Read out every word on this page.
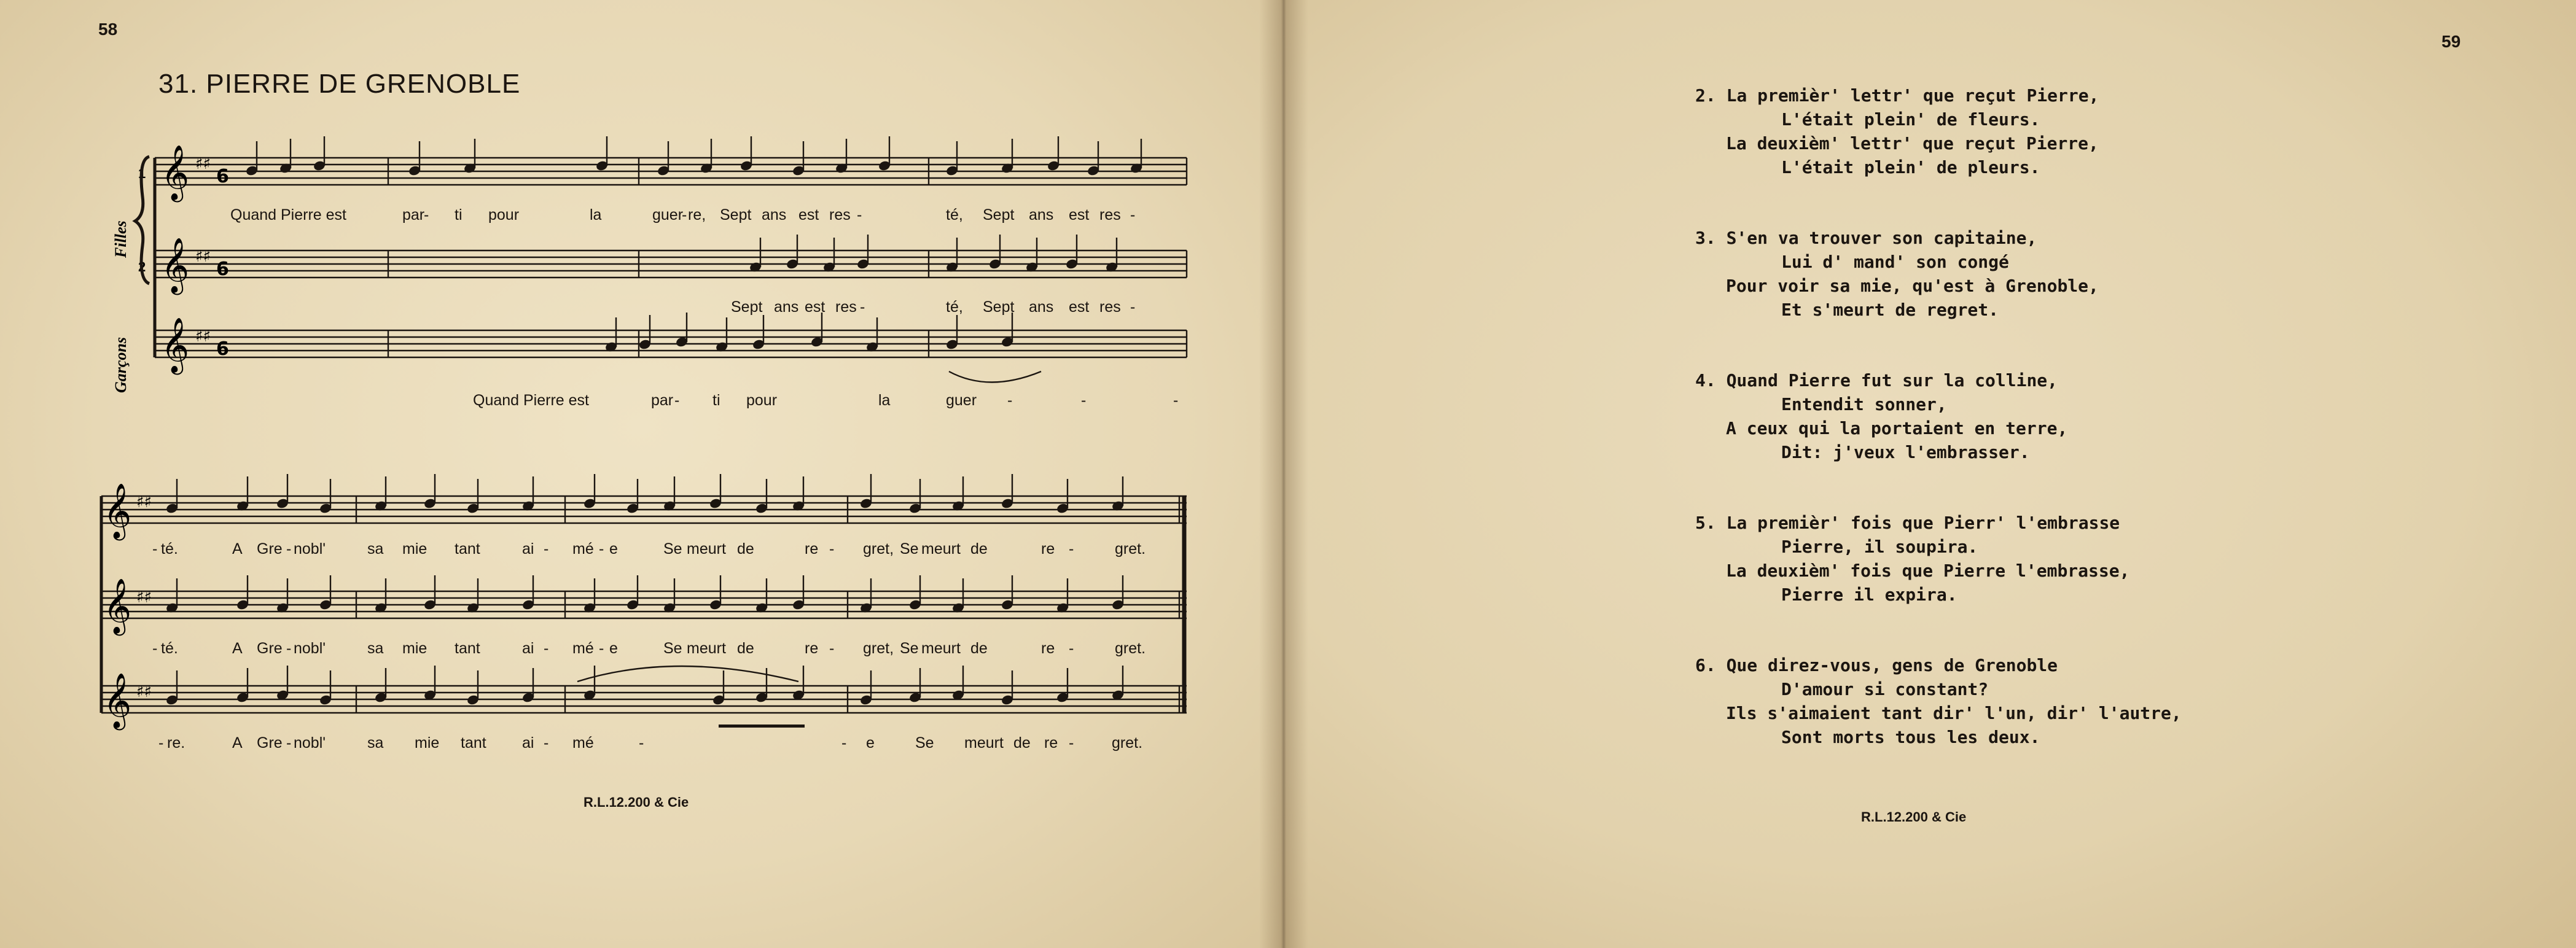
58
31. PIERRE DE GRENOBLE
Filles
Garçons
1
2
𝄞 ♯♯
6
𝄞 ♯♯
6
𝄞 ♯♯
6
𝄞 ♯♯
𝄞 ♯♯
𝄞 ♯♯
Quand Pierre est	par
- ti pour	la	guer
- re, Sept ans est res -	té, Sept ans est res -
Sept ans est res -	té, Sept ans est res -
Quand Pierre est	par - ti pour	la	guer -	-	-
- té.	A Gre - nobl'	sa mie tant	ai - mé - e	Se meurt de	re - gret, Se meurt de	re -	gret.
- té.	A Gre - nobl'	sa mie tant	ai - mé - e	Se meurt de	re - gret, Se meurt de	re -	gret.
- re.	A Gre - nobl'	sa mie tant ai - mé	-	- e	Se meurt de re - gret.
R.L.12.200 & Cie
59
2. La premièr' lettr' que reçut Pierre,
L'était plein' de fleurs.
La deuxièm' lettr' que reçut Pierre,
L'était plein' de pleurs.
3. S'en va trouver son capitaine,
Lui d' mand' son congé
Pour voir sa mie, qu'est à Grenoble,
Et s'meurt de regret.
4. Quand Pierre fut sur la colline,
Entendit sonner,
A ceux qui la portaient en terre,
Dit: j'veux l'embrasser.
5. La premièr' fois que Pierr' l'embrasse
Pierre, il soupira.
La deuxièm' fois que Pierre l'embrasse,
Pierre il expira.
6. Que direz-vous, gens de Grenoble
D'amour si constant?
Ils s'aimaient tant dir' l'un, dir' l'autre,
Sont morts tous les deux.
R.L.12.200 & Cie
